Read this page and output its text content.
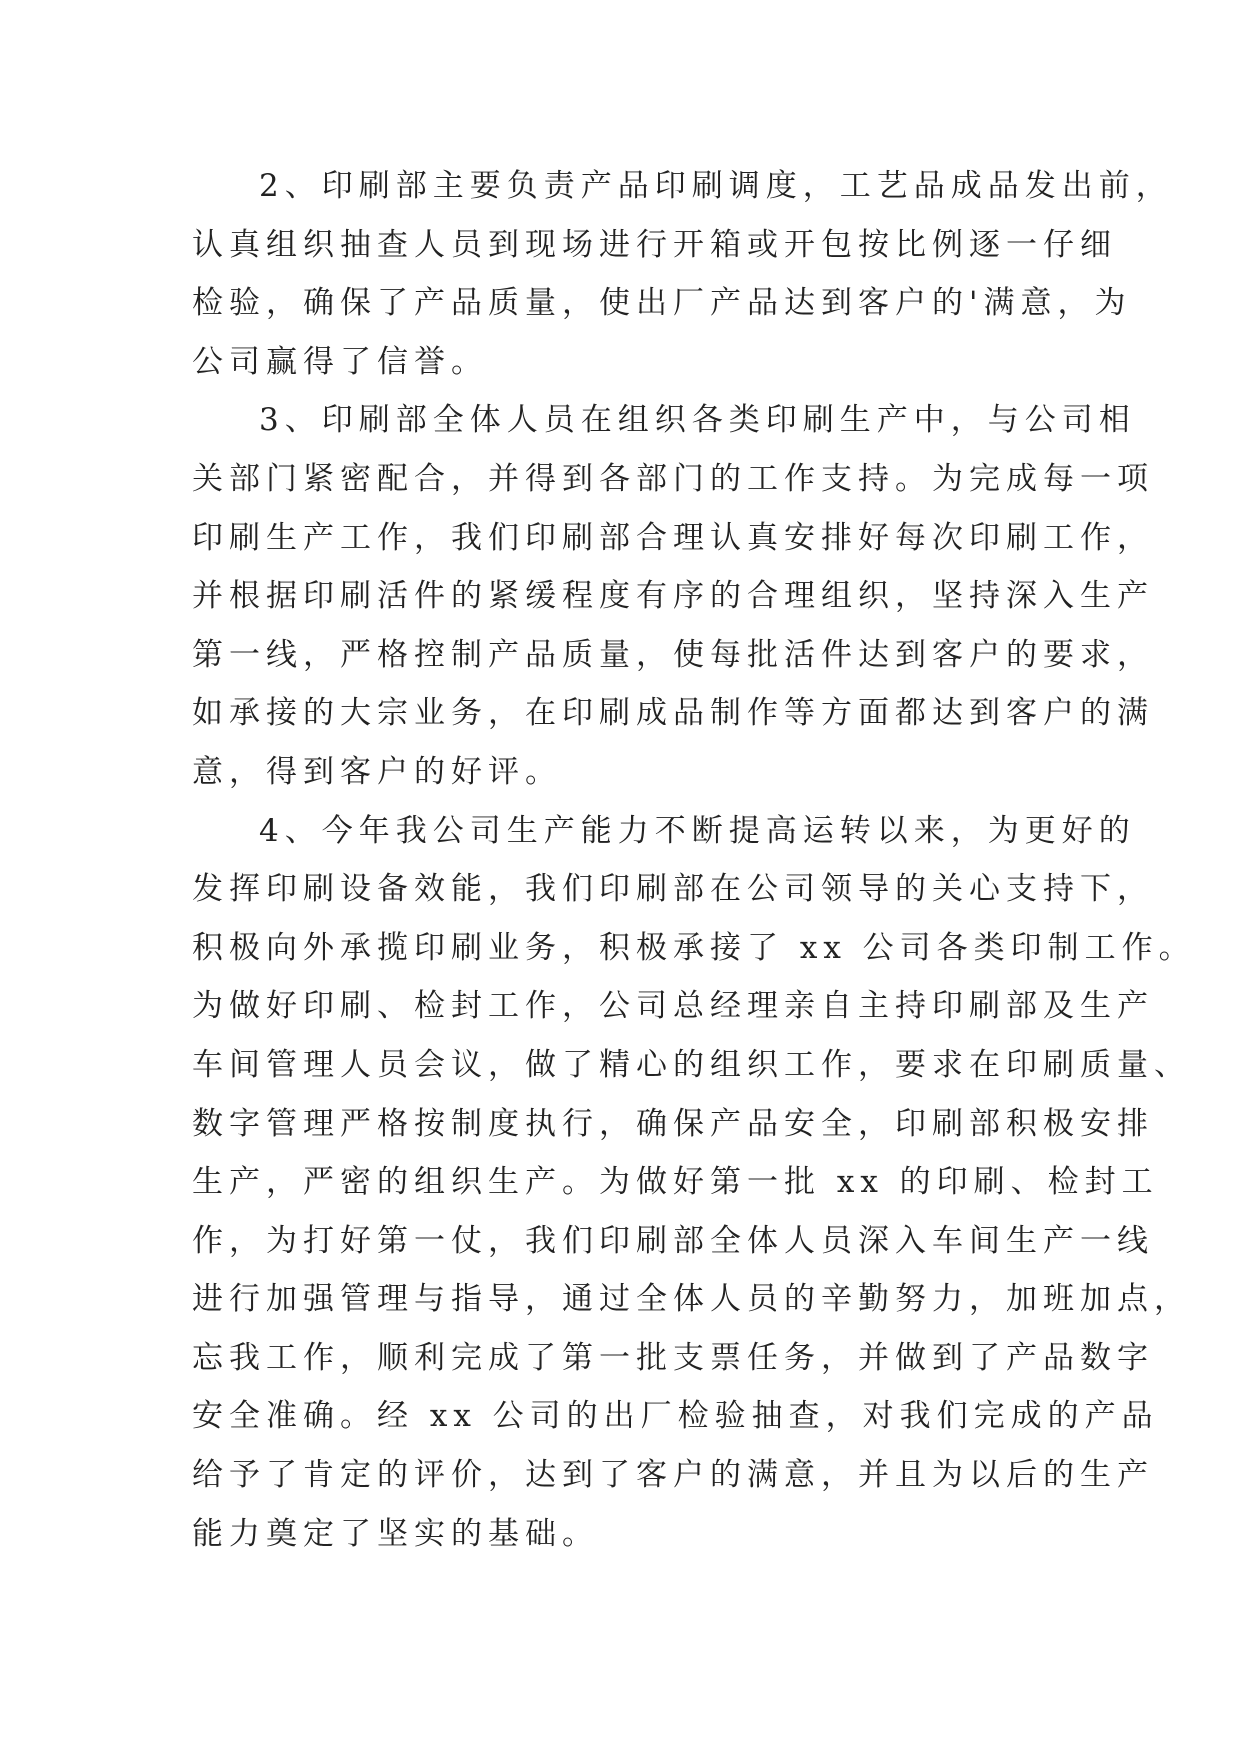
2、印刷部主要负责产品印刷调度，工艺品成品发出前，
认真组织抽查人员到现场进行开箱或开包按比例逐一仔细
检验，确保了产品质量，使出厂产品达到客户的'满意，为
公司赢得了信誉。
3、印刷部全体人员在组织各类印刷生产中，与公司相
关部门紧密配合，并得到各部门的工作支持。为完成每一项
印刷生产工作，我们印刷部合理认真安排好每次印刷工作，
并根据印刷活件的紧缓程度有序的合理组织，坚持深入生产
第一线，严格控制产品质量，使每批活件达到客户的要求，
如承接的大宗业务，在印刷成品制作等方面都达到客户的满
意，得到客户的好评。
4、今年我公司生产能力不断提高运转以来，为更好的
发挥印刷设备效能，我们印刷部在公司领导的关心支持下，
积极向外承揽印刷业务，积极承接了 xx 公司各类印制工作。
为做好印刷、检封工作，公司总经理亲自主持印刷部及生产
车间管理人员会议，做了精心的组织工作，要求在印刷质量、
数字管理严格按制度执行，确保产品安全，印刷部积极安排
生产，严密的组织生产。为做好第一批 xx 的印刷、检封工
作，为打好第一仗，我们印刷部全体人员深入车间生产一线
进行加强管理与指导，通过全体人员的辛勤努力，加班加点，
忘我工作，顺利完成了第一批支票任务，并做到了产品数字
安全准确。经 xx 公司的出厂检验抽查，对我们完成的产品
给予了肯定的评价，达到了客户的满意，并且为以后的生产
能力奠定了坚实的基础。
